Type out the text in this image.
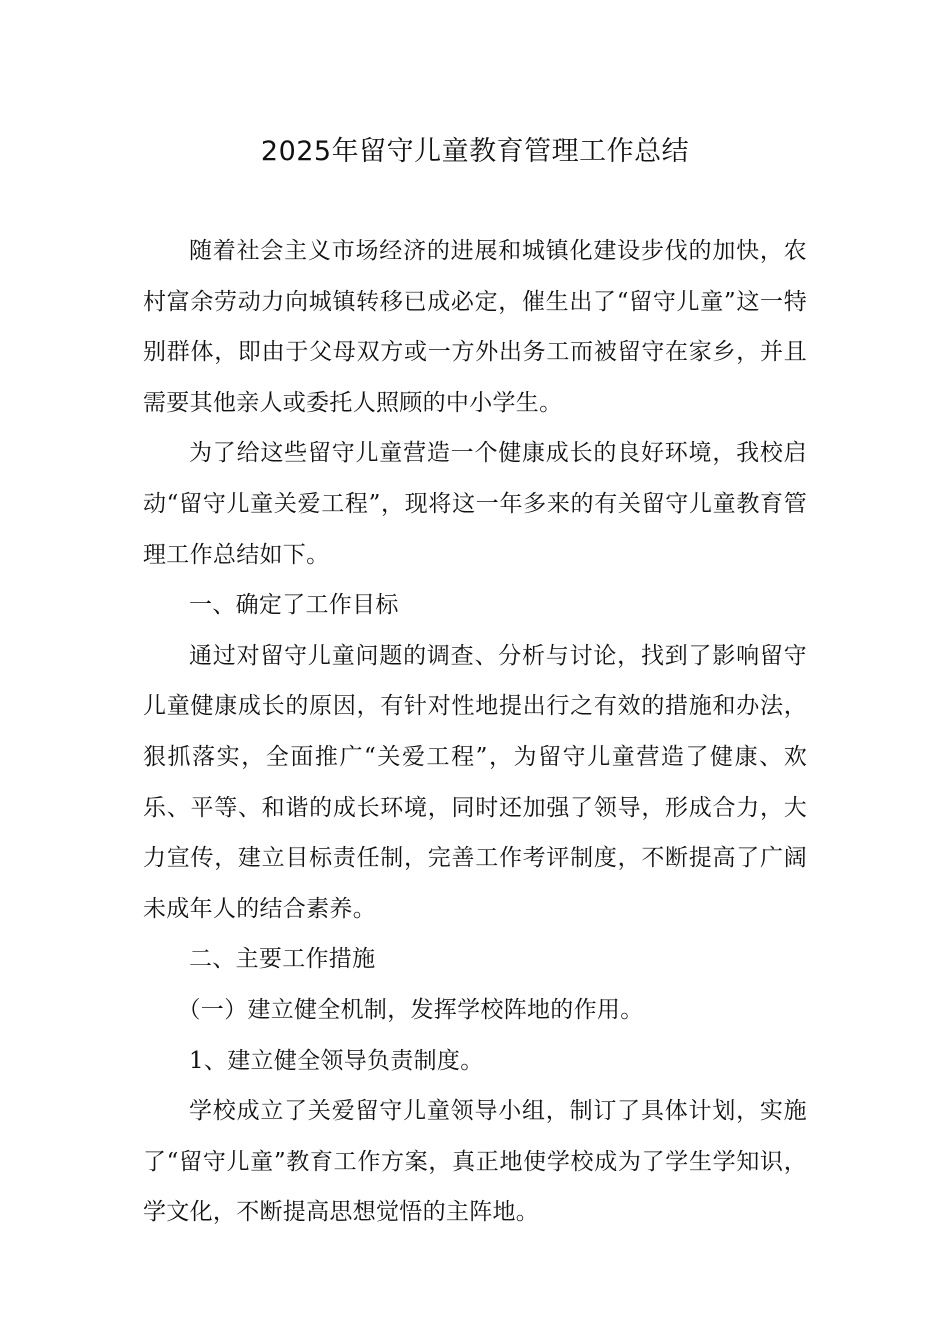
2025年留守儿童教育管理工作总结

随着社会主义市场经济的进展和城镇化建设步伐的加快，农村富余劳动力向城镇转移已成必定，催生出了“留守儿童”这一特别群体，即由于父母双方或一方外出务工而被留守在家乡，并且需要其他亲人或委托人照顾的中小学生。

为了给这些留守儿童营造一个健康成长的良好环境，我校启动“留守儿童关爱工程”，现将这一年多来的有关留守儿童教育管理工作总结如下。

一、确定了工作目标

通过对留守儿童问题的调查、分析与讨论，找到了影响留守儿童健康成长的原因，有针对性地提出行之有效的措施和办法，狠抓落实，全面推广“关爱工程”，为留守儿童营造了健康、欢乐、平等、和谐的成长环境，同时还加强了领导，形成合力，大力宣传，建立目标责任制，完善工作考评制度，不断提高了广阔未成年人的结合素养。

二、主要工作措施

（一）建立健全机制，发挥学校阵地的作用。

1、建立健全领导负责制度。

学校成立了关爱留守儿童领导小组，制订了具体计划，实施了“留守儿童”教育工作方案，真正地使学校成为了学生学知识，学文化，不断提高思想觉悟的主阵地。
